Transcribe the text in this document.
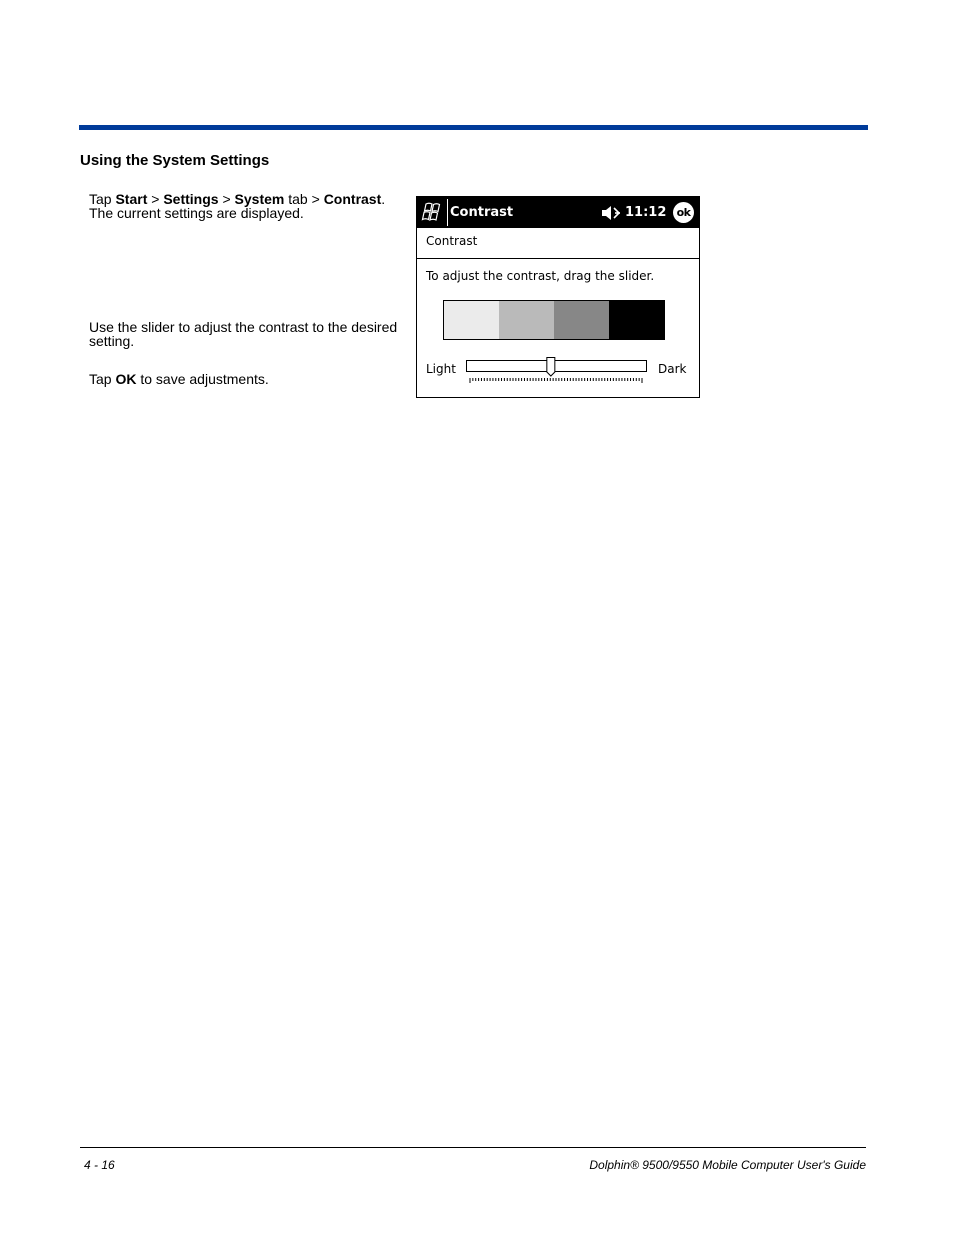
Using the System Settings

Tap Start > Settings > System tab > Contrast.
The current settings are displayed.

Use the slider to adjust the contrast to the desired setting.

Tap OK to save adjustments.

Contrast	11:12 ok
Contrast
To adjust the contrast, drag the slider.
Light	Dark
4 - 16	Dolphin® 9500/9550 Mobile Computer User's Guide
